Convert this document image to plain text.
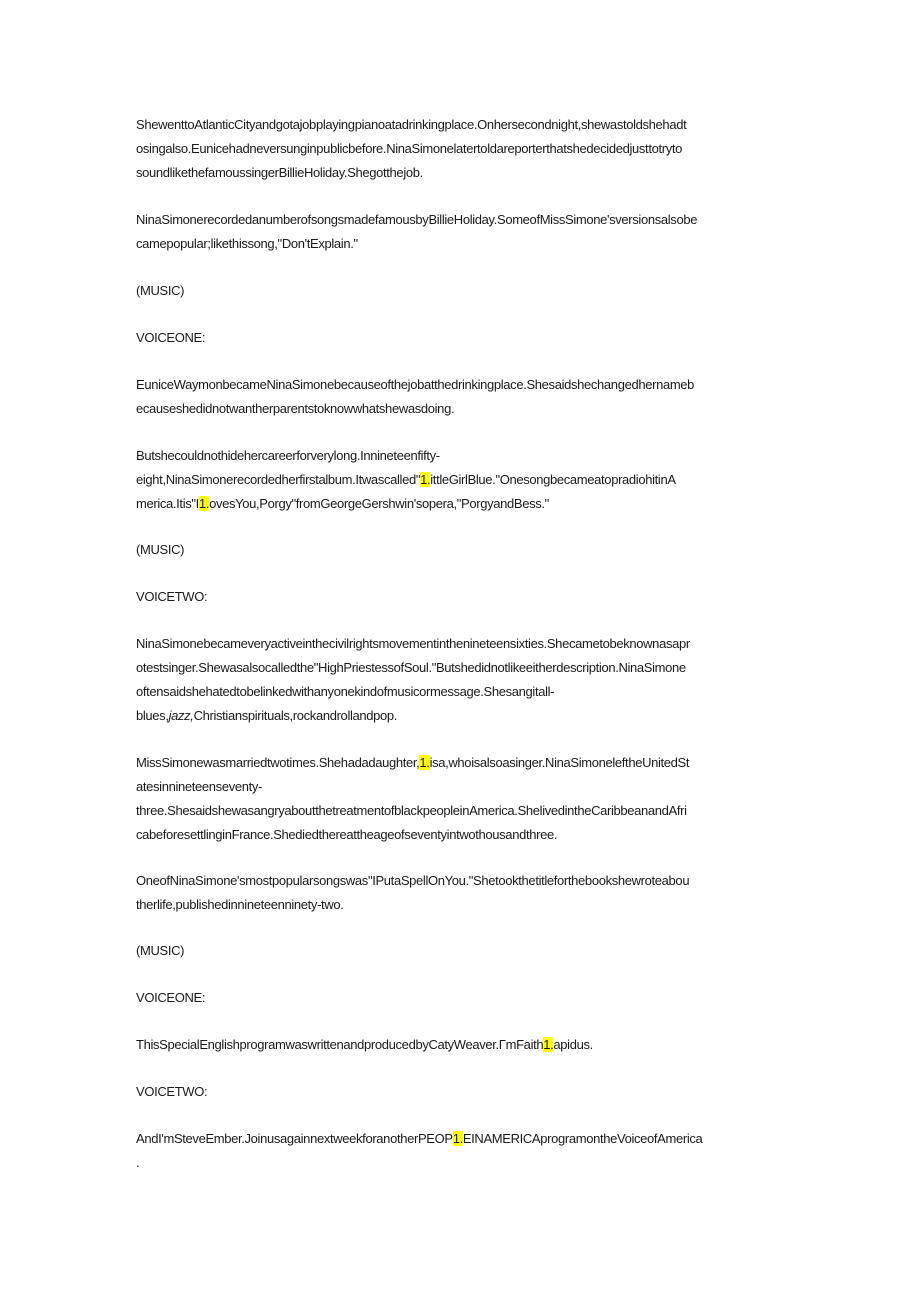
ShewenttoAtlanticCityandgotajobplayingpianoatadrinkingplace.Onhersecondnight,shewastoldshehadt
osingalso.Eunicehadneversunginpublicbefore.NinaSimonelatertoldareporterthatshedecidedjusttotryto
soundlikethefamoussingerBillieHoliday.Shegotthejob.
NinaSimonerecordedanumberofsongsmadefamousbyBillieHoliday.SomeofMissSimone'sversionsalsobe
camepopular;likethissong,"Don'tExplain."
(MUSIC)
VOICEONE:
EuniceWaymonbecameNinaSimonebecauseofthejobatthedrinkingplace.Shesaidshechangedhernameb
ecauseshedidnotwantherparentstoknowwhatshewasdoing.
Butshecouldnothidehercareerforverylong.Innineteenfifty-
eight,NinaSimonerecordedherfirstalbum.Itwascalled"1.ittleGirlBlue."OnesongbecameatopradiohitinA
merica.Itis"I1.ovesYou,Porgy"fromGeorgeGershwin'sopera,"PorgyandBess."
(MUSIC)
VOICETWO:
NinaSimonebecameveryactiveinthecivilrightsmovementinthenineteensixties.Shecametobeknownasapr
otestsinger.Shewasalsocalledthe"HighPriestessofSoul."Butshedidnotlikeeitherdescription.NinaSimone
oftensaidshehatedtobelinkedwithanyonekindofmusicormessage.Shesangitall-
blues,jazz,Christianspirituals,rockandrollandpop.
MissSimonewasmarriedtwotimes.Shehadadaughter,1.isa,whoisalsoasinger.NinaSimoneleftheUnitedSt
atesinnineteenseventy-
three.ShesaidshewasangryaboutthetreatmentofblackpeopleinAmerica.ShelivedintheCaribbeanandAfri
cabeforesettlinginFrance.Shediedthereattheageofseventyintwothousandthree.
OneofNinaSimone'smostpopularsongswas"IPutaSpellOnYou."Shetookthetitleforthebookshewroteabou
therlife,publishedinnineteenninety-two.
(MUSIC)
VOICEONE:
ThisSpecialEnglishprogramwaswrittenandproducedbyCatyWeaver.ΓmFaith1.apidus.
VOICETWO:
AndI'mSteveEmber.JoinusagainnextweekforanotherPEOP1.EINAMERICAprogramontheVoiceofAmerica
.
